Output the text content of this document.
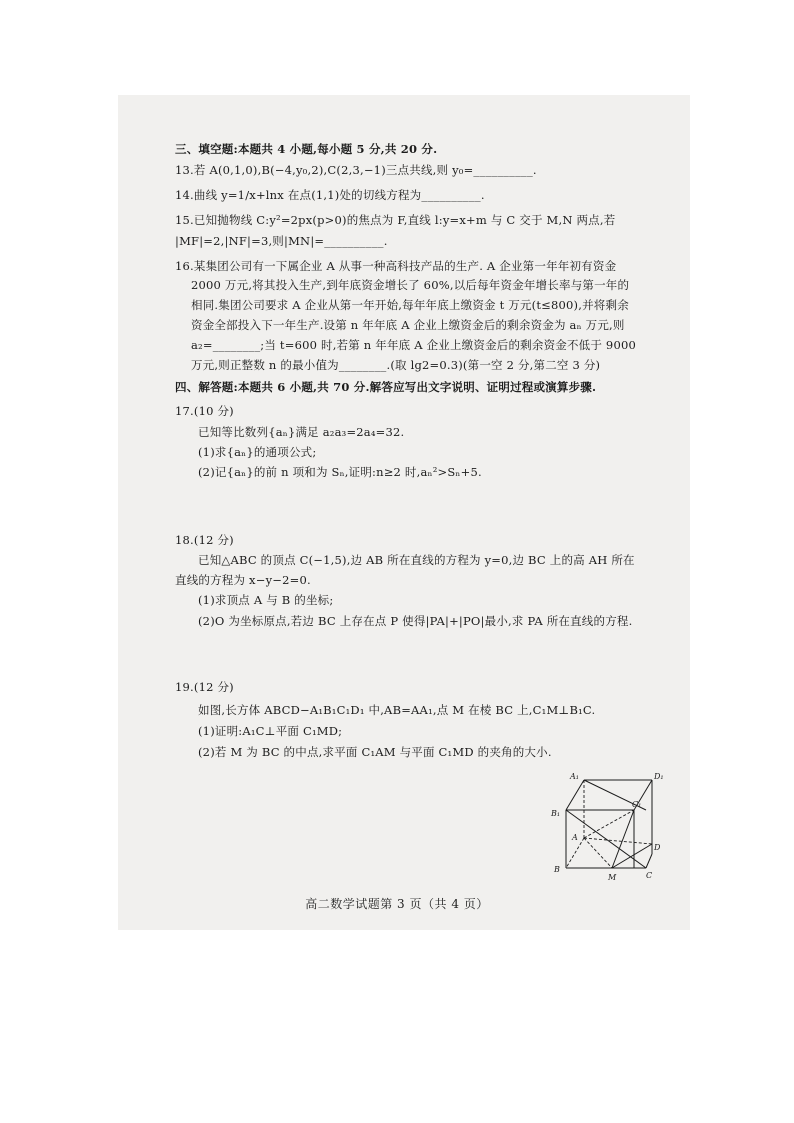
三、填空题:本题共 4 小题,每小题 5 分,共 20 分.
13.若 A(0,1,0),B(−4,y₀,2),C(2,3,−1)三点共线,则 y₀=__________.
14.曲线 y=1/x+lnx 在点(1,1)处的切线方程为__________.
15.已知抛物线 C:y²=2px(p>0)的焦点为 F,直线 l:y=x+m 与 C 交于 M,N 两点,若
|MF|=2,|NF|=3,则|MN|=__________.
16.某集团公司有一下属企业 A 从事一种高科技产品的生产. A 企业第一年年初有资金
2000 万元,将其投入生产,到年底资金增长了 60%,以后每年资金年增长率与第一年的
相同.集团公司要求 A 企业从第一年开始,每年年底上缴资金 t 万元(t≤800),并将剩余
资金全部投入下一年生产.设第 n 年年底 A 企业上缴资金后的剩余资金为 aₙ 万元,则
a₂=________;当 t=600 时,若第 n 年年底 A 企业上缴资金后的剩余资金不低于 9000
万元,则正整数 n 的最小值为________.(取 lg2=0.3)(第一空 2 分,第二空 3 分)
四、解答题:本题共 6 小题,共 70 分.解答应写出文字说明、证明过程或演算步骤.
17.(10 分)
已知等比数列{aₙ}满足 a₂a₃=2a₄=32.
(1)求{aₙ}的通项公式;
(2)记{aₙ}的前 n 项和为 Sₙ,证明:n≥2 时,aₙ²>Sₙ+5.
18.(12 分)
已知△ABC 的顶点 C(−1,5),边 AB 所在直线的方程为 y=0,边 BC 上的高 AH 所在
直线的方程为 x−y−2=0.
(1)求顶点 A 与 B 的坐标;
(2)O 为坐标原点,若边 BC 上存在点 P 使得|PA|+|PO|最小,求 PA 所在直线的方程.
19.(12 分)
如图,长方体 ABCD−A₁B₁C₁D₁ 中,AB=AA₁,点 M 在棱 BC 上,C₁M⊥B₁C.
(1)证明:A₁C⊥平面 C₁MD;
(2)若 M 为 BC 的中点,求平面 C₁AM 与平面 C₁MD 的夹角的大小.
A₁	D₁
B₁
C₁
A
D
B
C
M
高二数学试题第 3 页（共 4 页）
